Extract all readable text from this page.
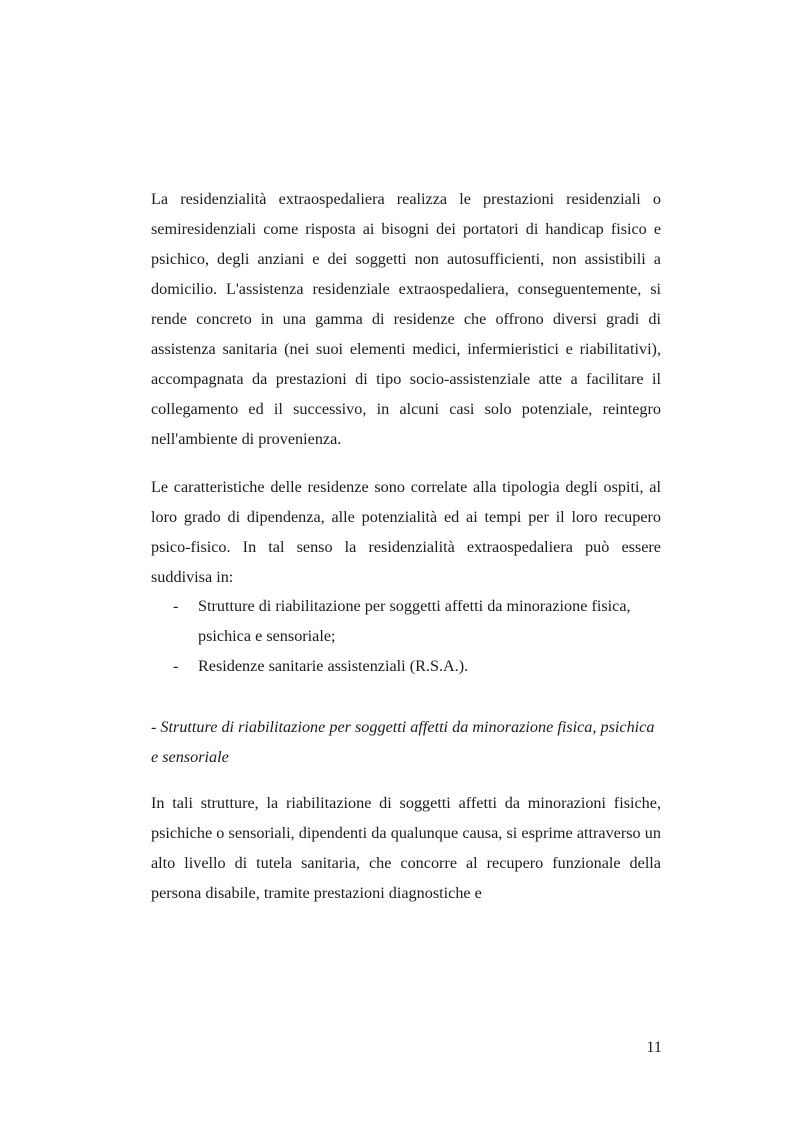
La residenzialità extraospedaliera realizza le prestazioni residenziali o semiresidenziali come risposta ai bisogni dei portatori di handicap fisico e psichico, degli anziani e dei soggetti non autosufficienti, non assistibili a domicilio. L'assistenza residenziale extraospedaliera, conseguentemente, si rende concreto in una gamma di residenze che offrono diversi gradi di assistenza sanitaria (nei suoi elementi medici, infermieristici e riabilitativi), accompagnata da prestazioni di tipo socio-assistenziale atte a facilitare il collegamento ed il successivo, in alcuni casi solo potenziale, reintegro nell'ambiente di provenienza.

Le caratteristiche delle residenze sono correlate alla tipologia degli ospiti, al loro grado di dipendenza, alle potenzialità ed ai tempi per il loro recupero psico-fisico. In tal senso la residenzialità extraospedaliera può essere suddivisa in:

- Strutture di riabilitazione per soggetti affetti da minorazione fisica, psichica e sensoriale;
- Residenze sanitarie assistenziali (R.S.A.).
- Strutture di riabilitazione per soggetti affetti da minorazione fisica, psichica e sensoriale

In tali strutture, la riabilitazione di soggetti affetti da minorazioni fisiche, psichiche o sensoriali, dipendenti da qualunque causa, si esprime attraverso un alto livello di tutela sanitaria, che concorre al recupero funzionale della persona disabile, tramite prestazioni diagnostiche e

11
